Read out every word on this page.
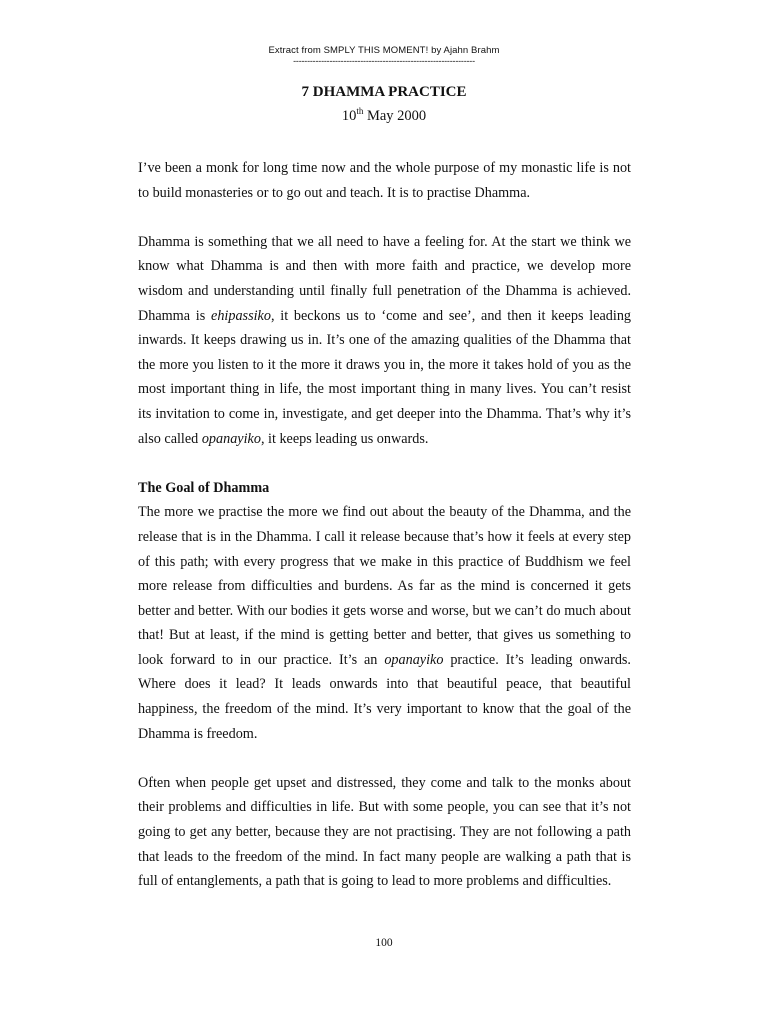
Extract from SMPLY THIS MOMENT! by Ajahn Brahm
-----------------------------------------------------------------
7 DHAMMA PRACTICE
10th May 2000

I’ve been a monk for long time now and the whole purpose of my monastic life is not to build monasteries or to go out and teach. It is to practise Dhamma.

Dhamma is something that we all need to have a feeling for. At the start we think we know what Dhamma is and then with more faith and practice, we develop more wisdom and understanding until finally full penetration of the Dhamma is achieved. Dhamma is ehipassiko, it beckons us to ‘come and see’, and then it keeps leading inwards. It keeps drawing us in. It’s one of the amazing qualities of the Dhamma that the more you listen to it the more it draws you in, the more it takes hold of you as the most important thing in life, the most important thing in many lives. You can’t resist its invitation to come in, investigate, and get deeper into the Dhamma. That’s why it’s also called opanayiko, it keeps leading us onwards.

The Goal of Dhamma

The more we practise the more we find out about the beauty of the Dhamma, and the release that is in the Dhamma. I call it release because that’s how it feels at every step of this path; with every progress that we make in this practice of Buddhism we feel more release from difficulties and burdens. As far as the mind is concerned it gets better and better. With our bodies it gets worse and worse, but we can’t do much about that! But at least, if the mind is getting better and better, that gives us something to look forward to in our practice. It’s an opanayiko practice. It’s leading onwards. Where does it lead? It leads onwards into that beautiful peace, that beautiful happiness, the freedom of the mind. It’s very important to know that the goal of the Dhamma is freedom.

Often when people get upset and distressed, they come and talk to the monks about their problems and difficulties in life. But with some people, you can see that it’s not going to get any better, because they are not practising. They are not following a path that leads to the freedom of the mind. In fact many people are walking a path that is full of entanglements, a path that is going to lead to more problems and difficulties.

100
